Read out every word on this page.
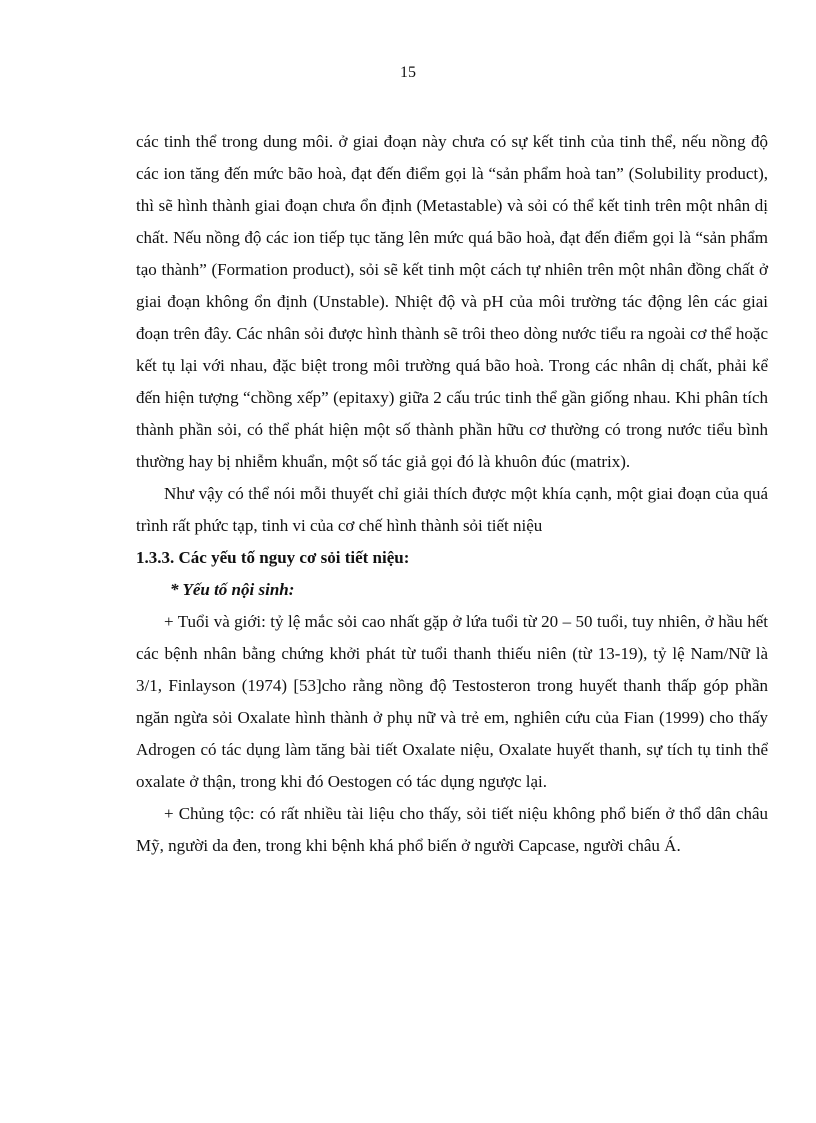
15

các tinh thể trong dung môi. ở giai đoạn này chưa có sự kết tinh của tinh thể, nếu nồng độ các ion tăng đến mức bão hoà, đạt đến điểm gọi là “sản phẩm hoà tan” (Solubility product), thì sẽ hình thành giai đoạn chưa ổn định (Metastable) và sỏi có thể kết tinh trên một nhân dị chất. Nếu nồng độ các ion tiếp tục tăng lên mức quá bão hoà, đạt đến điểm gọi là “sản phẩm tạo thành” (Formation product), sỏi sẽ kết tinh một cách tự nhiên trên một nhân đồng chất ở giai đoạn không ổn định (Unstable). Nhiệt độ và pH của môi trường tác động lên các giai đoạn trên đây. Các nhân sỏi được hình thành sẽ trôi theo dòng nước tiểu ra ngoài cơ thể hoặc kết tụ lại với nhau, đặc biệt trong môi trường quá bão hoà. Trong các nhân dị chất, phải kể đến hiện tượng “chồng xếp” (epitaxy) giữa 2 cấu trúc tinh thể gần giống nhau. Khi phân tích thành phần sỏi, có thể phát hiện một số thành phần hữu cơ thường có trong nước tiểu bình thường hay bị nhiễm khuẩn, một số tác giả gọi đó là khuôn đúc (matrix).

Như vậy có thể nói mỗi thuyết chỉ giải thích được một khía cạnh, một giai đoạn của quá trình rất phức tạp, tinh vi của cơ chế hình thành sỏi tiết niệu

1.3.3. Các yếu tố nguy cơ sỏi tiết niệu:

* Yếu tố nội sinh:

+ Tuổi và giới: tỷ lệ mắc sỏi cao nhất gặp ở lứa tuổi từ 20 – 50 tuổi, tuy nhiên, ở hầu hết các bệnh nhân bằng chứng khởi phát từ tuổi thanh thiếu niên (từ 13-19), tỷ lệ Nam/Nữ là 3/1, Finlayson (1974) [53]cho rằng nồng độ Testosteron trong huyết thanh thấp góp phần ngăn ngừa sỏi Oxalate hình thành ở phụ nữ và trẻ em, nghiên cứu của Fian (1999) cho thấy Adrogen có tác dụng làm tăng bài tiết Oxalate niệu, Oxalate huyết thanh, sự tích tụ tinh thể oxalate ở thận, trong khi đó Oestogen có tác dụng ngược lại.

+ Chủng tộc: có rất nhiều tài liệu cho thấy, sỏi tiết niệu không phổ biến ở thổ dân châu Mỹ, người da đen, trong khi bệnh khá phổ biến ở người Capcase, người châu Á.
